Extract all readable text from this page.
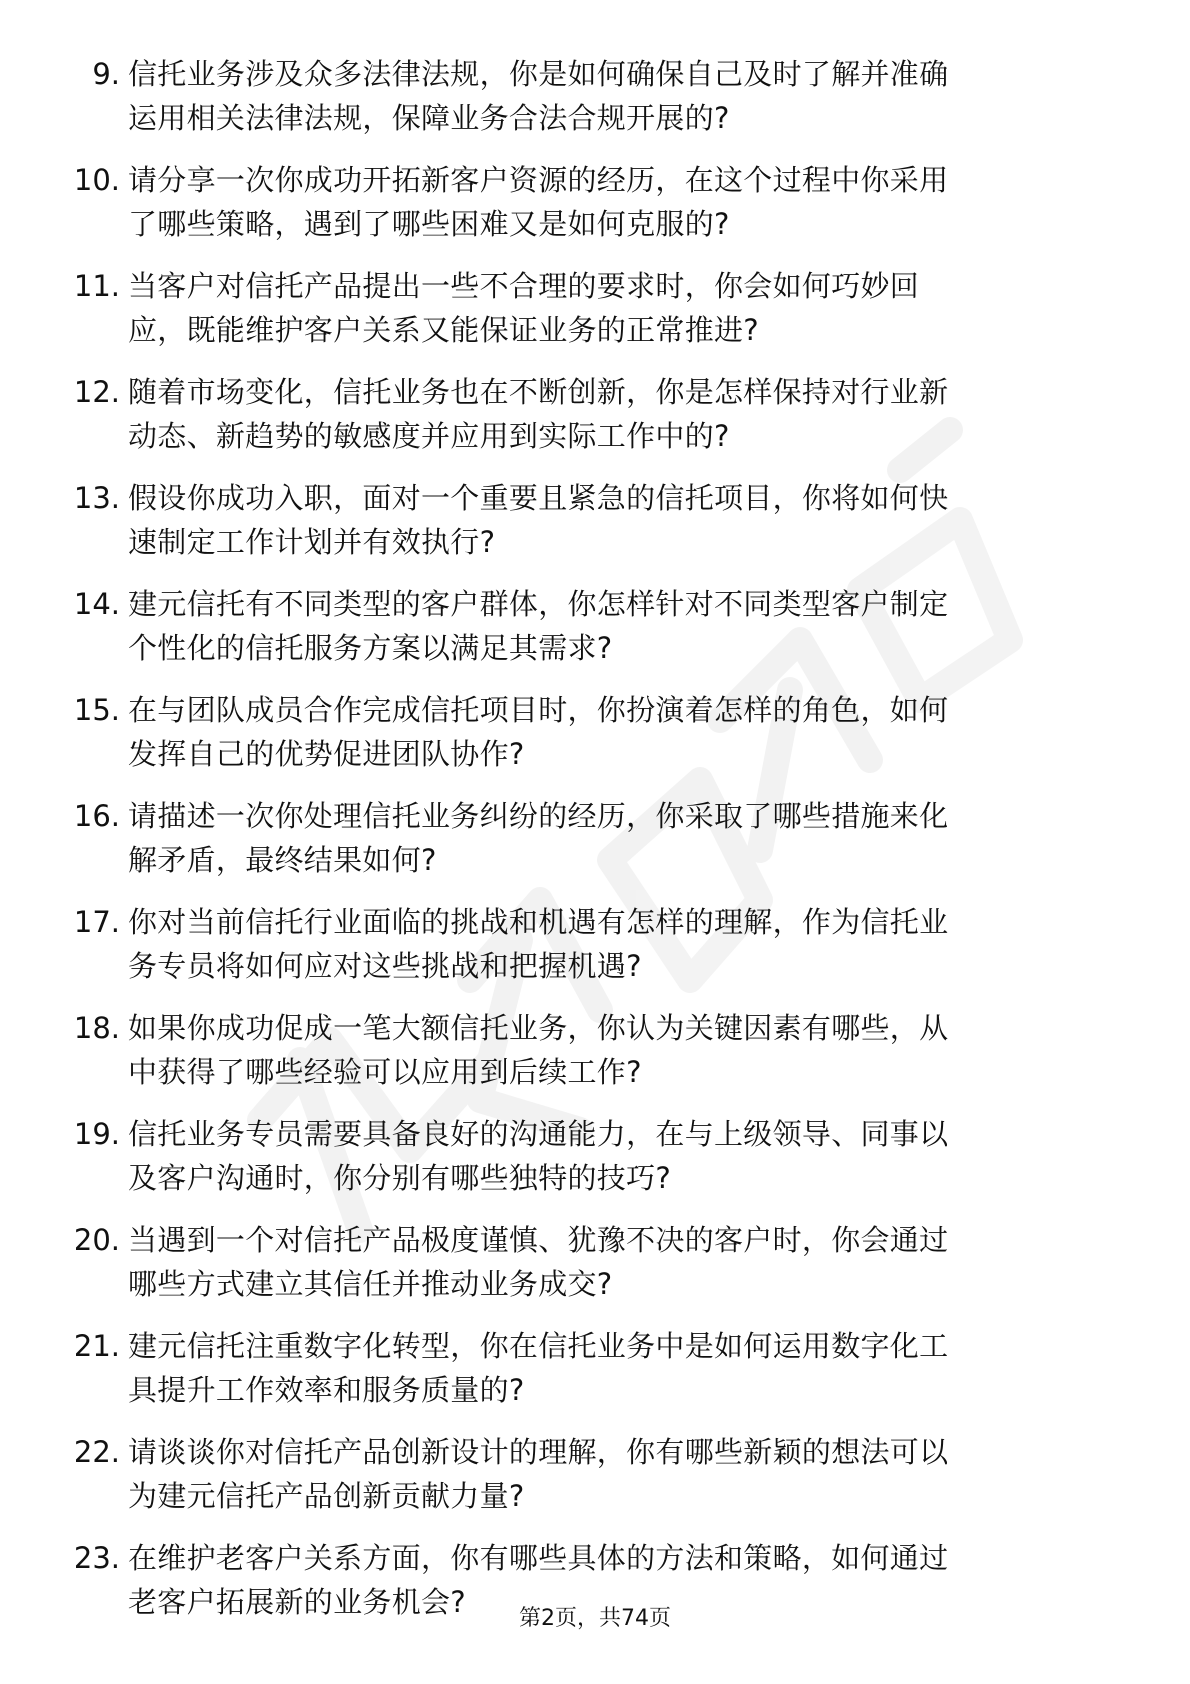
9. 信托业务涉及众多法律法规，你是如何确保自己及时了解并准确
运用相关法律法规，保障业务合法合规开展的?
10. 请分享一次你成功开拓新客户资源的经历，在这个过程中你采用
了哪些策略，遇到了哪些困难又是如何克服的?
11. 当客户对信托产品提出一些不合理的要求时，你会如何巧妙回
应，既能维护客户关系又能保证业务的正常推进?
12. 随着市场变化，信托业务也在不断创新，你是怎样保持对行业新
动态、新趋势的敏感度并应用到实际工作中的?
13. 假设你成功入职，面对一个重要且紧急的信托项目，你将如何快
速制定工作计划并有效执行?
14. 建元信托有不同类型的客户群体，你怎样针对不同类型客户制定
个性化的信托服务方案以满足其需求?
15. 在与团队成员合作完成信托项目时，你扮演着怎样的角色，如何
发挥自己的优势促进团队协作?
16. 请描述一次你处理信托业务纠纷的经历，你采取了哪些措施来化
解矛盾，最终结果如何?
17. 你对当前信托行业面临的挑战和机遇有怎样的理解，作为信托业
务专员将如何应对这些挑战和把握机遇?
18. 如果你成功促成一笔大额信托业务，你认为关键因素有哪些，从
中获得了哪些经验可以应用到后续工作?
19. 信托业务专员需要具备良好的沟通能力，在与上级领导、同事以
及客户沟通时，你分别有哪些独特的技巧?
20. 当遇到一个对信托产品极度谨慎、犹豫不决的客户时，你会通过
哪些方式建立其信任并推动业务成交?
21. 建元信托注重数字化转型，你在信托业务中是如何运用数字化工
具提升工作效率和服务质量的?
22. 请谈谈你对信托产品创新设计的理解，你有哪些新颖的想法可以
为建元信托产品创新贡献力量?
23. 在维护老客户关系方面，你有哪些具体的方法和策略，如何通过
老客户拓展新的业务机会?	第2页，共74页
